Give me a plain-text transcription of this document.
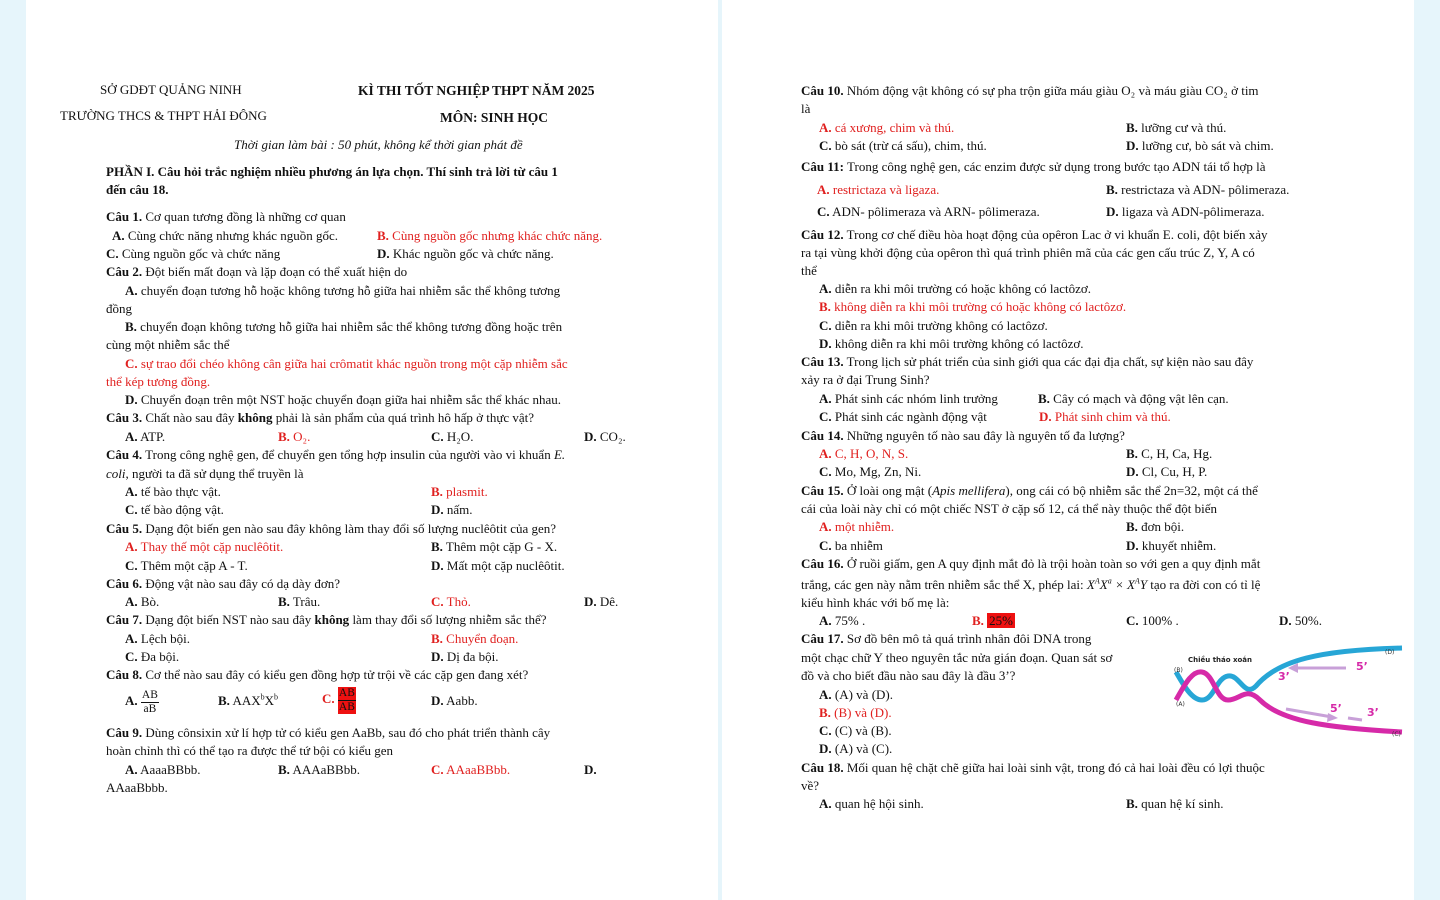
SỞ GDĐT QUẢNG NINH
TRƯỜNG THCS & THPT HẢI ĐÔNG
KÌ THI TỐT NGHIỆP THPT NĂM 2025
MÔN: SINH HỌC
Thời gian làm bài : 50 phút, không kể thời gian phát đề
PHẦN I. Câu hỏi trắc nghiệm nhiều phương án lựa chọn. Thí sinh trả lời từ câu 1
đến câu 18.
Câu 1. Cơ quan tương đồng là những cơ quan
A. Cùng chức năng nhưng khác nguồn gốc.	B. Cùng nguồn gốc nhưng khác chức năng.
C. Cùng nguồn gốc và chức năng	D. Khác nguồn gốc và chức năng.
Câu 2. Đột biến mất đoạn và lặp đoạn có thể xuất hiện do
A. chuyển đoạn tương hỗ hoặc không tương hỗ giữa hai nhiễm sắc thể không tương
đồng
B. chuyển đoạn không tương hỗ giữa hai nhiễm sắc thể không tương đồng hoặc trên
cùng một nhiễm sắc thể
C. sự trao đổi chéo không cân giữa hai crômatit khác nguồn trong một cặp nhiễm sắc
thể kép tương đồng.
D. Chuyển đoạn trên một NST hoặc chuyển đoạn giữa hai nhiễm sắc thể khác nhau.
Câu 3. Chất nào sau đây không phải là sản phẩm của quá trình hô hấp ở thực vật?
A. ATP.	B. O₂.	C. H₂O.	D. CO₂.
Câu 4. Trong công nghệ gen, để chuyển gen tổng hợp insulin của người vào vi khuẩn E.
coli, người ta đã sử dụng thể truyền là
A. tế bào thực vật.	B. plasmit.
C. tế bào động vật.	D. nấm.
Câu 5. Dạng đột biến gen nào sau đây không làm thay đổi số lượng nuclêôtit của gen?
A. Thay thế một cặp nuclêôtit.	B. Thêm một cặp G - X.
C. Thêm một cặp A - T.	D. Mất một cặp nuclêôtit.
Câu 6. Động vật nào sau đây có dạ dày đơn?
A. Bò.	B. Trâu.	C. Thỏ.	D. Dê.
Câu 7. Dạng đột biến NST nào sau đây không làm thay đổi số lượng nhiễm sắc thể?
A. Lệch bội.	B. Chuyển đoạn.
C. Đa bội.	D. Dị đa bội.
Câu 8. Cơ thể nào sau đây có kiểu gen đồng hợp tử trội về các cặp gen đang xét?
A. $\frac{AB}{aB}$	B. $AAX^bX^b$	C. $\frac{AB}{AB}$	D. Aabb.
Câu 9. Dùng cônsixin xử lí hợp tử có kiểu gen AaBb, sau đó cho phát triển thành cây
hoàn chỉnh thì có thể tạo ra được thể tứ bội có kiểu gen
A. AaaaBBbb.	B. AAAaBBbb.	C. AAaaBBbb.	D.
AAaaBbbb.
Câu 10. Nhóm động vật không có sự pha trộn giữa máu giàu O₂ và máu giàu CO₂ ở tim
là
A. cá xương, chim và thú.	B. lưỡng cư và thú.
C. bò sát (trừ cá sấu), chim, thú.	D. lưỡng cư, bò sát và chim.
Câu 11: Trong công nghệ gen, các enzim được sử dụng trong bước tạo ADN tái tổ hợp là
A. restrictaza và ligaza.	B. restrictaza và ADN- pôlimeraza.
C. ADN- pôlimeraza và ARN- pôlimeraza.	D. ligaza và ADN-pôlimeraza.
Câu 12. Trong cơ chế điều hòa hoạt động của opêron Lac ở vi khuẩn E. coli, đột biến xảy
ra tại vùng khởi động của opêron thì quá trình phiên mã của các gen cấu trúc Z, Y, A có
thể
A. diễn ra khi môi trường có hoặc không có lactôzơ.
B. không diễn ra khi môi trường có hoặc không có lactôzơ.
C. diễn ra khi môi trường không có lactôzơ.
D. không diễn ra khi môi trường không có lactôzơ.
Câu 13. Trong lịch sử phát triển của sinh giới qua các đại địa chất, sự kiện nào sau đây
xảy ra ở đại Trung Sinh?
A. Phát sinh các nhóm linh trưởng	B. Cây có mạch và động vật lên cạn.
C. Phát sinh các ngành động vật	D. Phát sinh chim và thú.
Câu 14. Những nguyên tố nào sau đây là nguyên tố đa lượng?
A. C, H, O, N, S.	B. C, H, Ca, Hg.
C. Mo, Mg, Zn, Ni.	D. Cl, Cu, H, P.
Câu 15. Ở loài ong mật (Apis mellifera), ong cái có bộ nhiễm sắc thể 2n=32, một cá thể
cái của loài này chỉ có một chiếc NST ở cặp số 12, cá thể này thuộc thể đột biến
A. một nhiễm.	B. đơn bội.
C. ba nhiễm	D. khuyết nhiễm.
Câu 16. Ở ruồi giấm, gen A quy định mắt đỏ là trội hoàn toàn so với gen a quy định mắt
trắng, các gen này nằm trên nhiễm sắc thể X, phép lai: $X^AX^a \times X^AY$ tạo ra đời con có tỉ lệ
kiểu hình khác với bố mẹ là:
A. 75% .	B. 25%	C. 100% .	D. 50%.
Câu 17. Sơ đồ bên mô tả quá trình nhân đôi DNA trong
một chạc chữ Y theo nguyên tắc nửa gián đoạn. Quan sát sơ
đồ và cho biết đầu nào sau đây là đầu 3’?
A. (A) và (D).
B. (B) và (D).
C. (C) và (B).
D. (A) và (C).
Chiều tháo xoắn
(B)
(A)
(D)
(C)
3’
5’
5’ 3’
Câu 18. Mối quan hệ chặt chẽ giữa hai loài sinh vật, trong đó cả hai loài đều có lợi thuộc
về?
A. quan hệ hội sinh.	B. quan hệ kí sinh.
